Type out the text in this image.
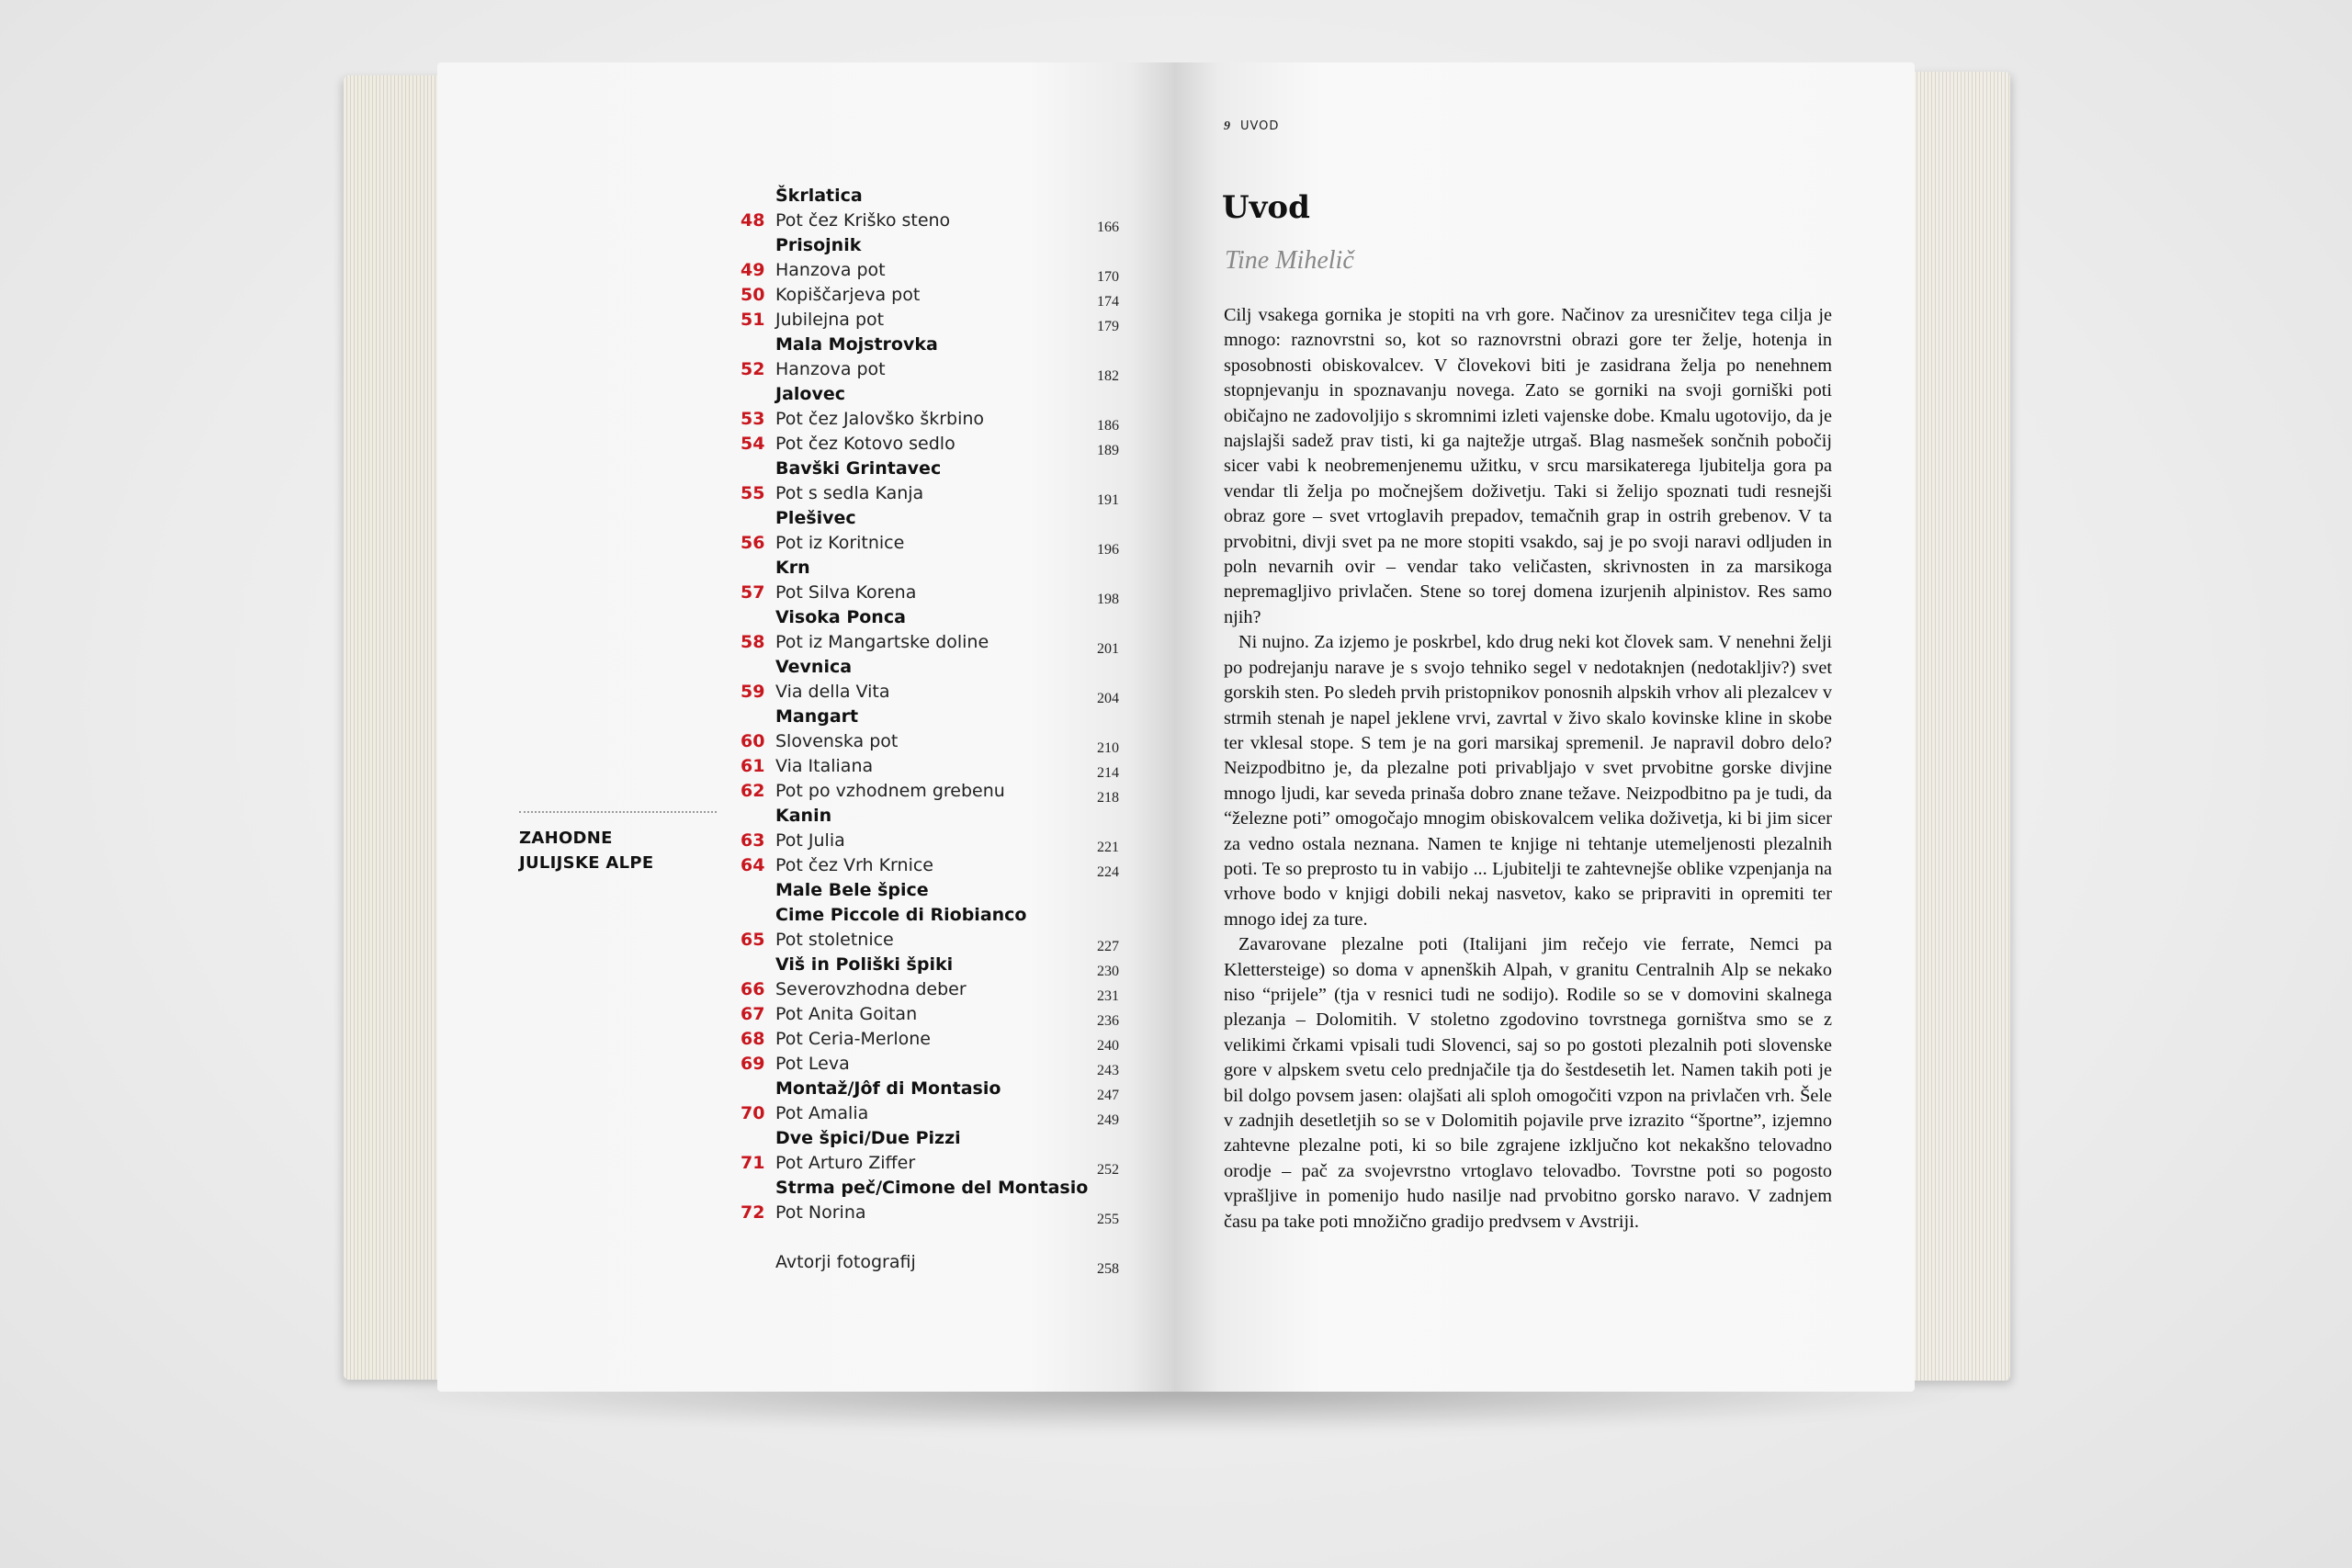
Škrlatica
48 Pot čez Kriško steno	166
Prisojnik
49 Hanzova pot	170
50 Kopiščarjeva pot	174
51 Jubilejna pot	179
Mala Mojstrovka
52 Hanzova pot	182
Jalovec
53 Pot čez Jalovško škrbino	186
54 Pot čez Kotovo sedlo	189
Bavški Grintavec
55 Pot s sedla Kanja	191
Plešivec
56 Pot iz Koritnice	196
Krn
57 Pot Silva Korena	198
Visoka Ponca
58 Pot iz Mangartske doline	201
Vevnica
59 Via della Vita	204
Mangart
60 Slovenska pot	210
61 Via Italiana	214
62 Pot po vzhodnem grebenu	218
Kanin
63 Pot Julia	221
64 Pot čez Vrh Krnice	224
Male Bele špice
Cime Piccole di Riobianco
65 Pot stoletnice	227
Viš in Poliški špiki	230
66 Severovzhodna deber	231
67 Pot Anita Goitan	236
68 Pot Ceria-Merlone	240
69 Pot Leva	243
Montaž/Jôf di Montasio	247
70 Pot Amalia	249
Dve špici/Due Pizzi
71 Pot Arturo Ziffer	252
Strma peč/Cimone del Montasio
72 Pot Norina	255
Avtorji fotografij	258
ZAHODNE
JULIJSKE ALPE
9 UVOD
Uvod
Tine Mihelič

Cilj vsakega gornika je stopiti na vrh gore. Načinov za uresničitev tega cilja je mnogo: raznovrstni so, kot so raznovrstni obrazi gore ter želje, hotenja in sposobnosti obiskovalcev. V človekovi biti je zasidrana želja po nenehnem stopnjevanju in spoznavanju novega. Zato se gorniki na svoji gorniški poti običajno ne zadovoljijo s skromnimi izleti vajenske dobe. Kmalu ugotovijo, da je najslajši sadež prav tisti, ki ga najtežje utrgaš. Blag nasmešek sončnih pobočij sicer vabi k neobremenjenemu užitku, v srcu marsikaterega ljubitelja gora pa vendar tli želja po močnejšem doživetju. Taki si želijo spoznati tudi resnejši obraz gore – svet vrtoglavih prepadov, temačnih grap in ostrih grebenov. V ta prvobitni, divji svet pa ne more stopiti vsakdo, saj je po svoji naravi odljuden in poln nevarnih ovir – vendar tako veličasten, skrivnosten in za marsikoga nepremagljivo privlačen. Stene so torej domena izurjenih alpinistov. Res samo njih?

Ni nujno. Za izjemo je poskrbel, kdo drug neki kot človek sam. V nenehni želji po podrejanju narave je s svojo tehniko segel v nedotaknjen (nedotakljiv?) svet gorskih sten. Po sledeh prvih pristopnikov ponosnih alpskih vrhov ali plezalcev v strmih stenah je napel jeklene vrvi, zavrtal v živo skalo kovinske kline in skobe ter vklesal stope. S tem je na gori marsikaj spremenil. Je napravil dobro delo? Neizpodbitno je, da plezalne poti privabljajo v svet prvobitne gorske divjine mnogo ljudi, kar seveda prinaša dobro znane težave. Neizpodbitno pa je tudi, da “železne poti” omogočajo mnogim obiskovalcem velika doživetja, ki bi jim sicer za vedno ostala neznana. Namen te knjige ni tehtanje utemeljenosti plezalnih poti. Te so preprosto tu in vabijo ... Ljubitelji te zahtevnejše oblike vzpenjanja na vrhove bodo v knjigi dobili nekaj nasvetov, kako se pripraviti in opremiti ter mnogo idej za ture.

Zavarovane plezalne poti (Italijani jim rečejo vie ferrate, Nemci pa Klettersteige) so doma v apnenških Alpah, v granitu Centralnih Alp se nekako niso “prijele” (tja v resnici tudi ne sodijo). Rodile so se v domovini skalnega plezanja – Dolomitih. V stoletno zgodovino tovrstnega gorništva smo se z velikimi črkami vpisali tudi Slovenci, saj so po gostoti plezalnih poti slovenske gore v alpskem svetu celo prednjačile tja do šestdesetih let. Namen takih poti je bil dolgo povsem jasen: olajšati ali sploh omogočiti vzpon na privlačen vrh. Šele v zadnjih desetletjih so se v Dolomitih pojavile prve izrazito “športne”, izjemno zahtevne plezalne poti, ki so bile zgrajene izključno kot nekakšno telovadno orodje – pač za svojevrstno vrtoglavo telovadbo. Tovrstne poti so pogosto vprašljive in pomenijo hudo nasilje nad prvobitno gorsko naravo. V zadnjem času pa take poti množično gradijo predvsem v Avstriji.
